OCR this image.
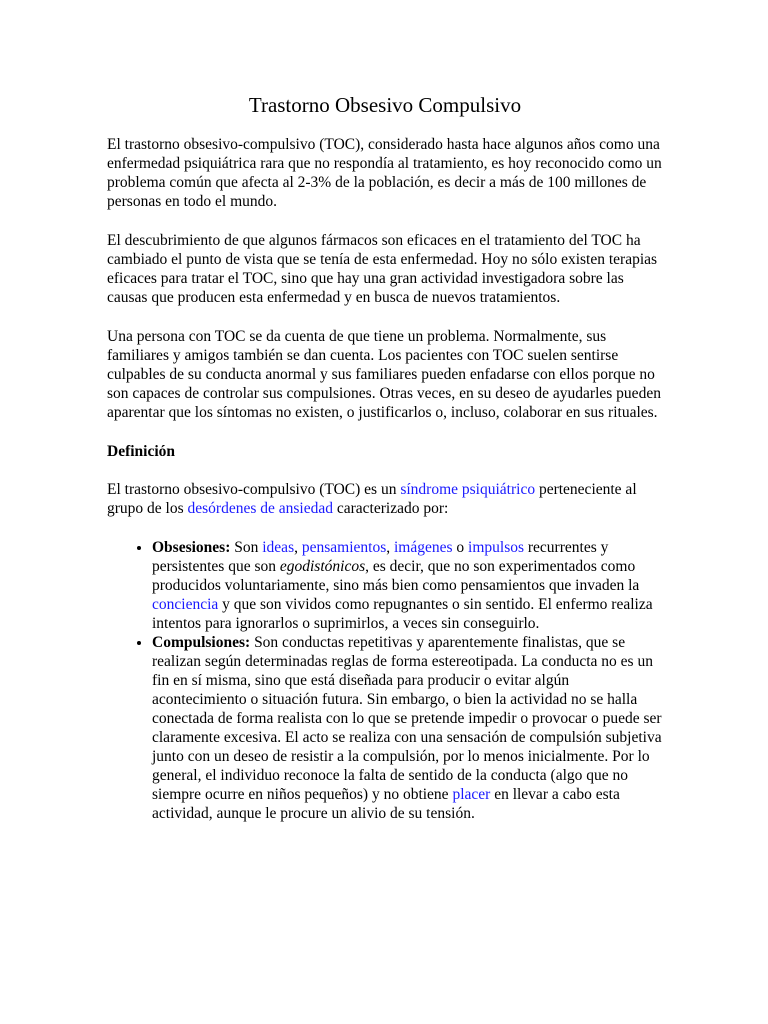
Trastorno Obsesivo Compulsivo

El trastorno obsesivo-compulsivo (TOC), considerado hasta hace algunos años como una enfermedad psiquiátrica rara que no respondía al tratamiento, es hoy reconocido como un problema común que afecta al 2-3% de la población, es decir a más de 100 millones de personas en todo el mundo.

El descubrimiento de que algunos fármacos son eficaces en el tratamiento del TOC ha cambiado el punto de vista que se tenía de esta enfermedad. Hoy no sólo existen terapias eficaces para tratar el TOC, sino que hay una gran actividad investigadora sobre las causas que producen esta enfermedad y en busca de nuevos tratamientos.

Una persona con TOC se da cuenta de que tiene un problema. Normalmente, sus familiares y amigos también se dan cuenta. Los pacientes con TOC suelen sentirse culpables de su conducta anormal y sus familiares pueden enfadarse con ellos porque no son capaces de controlar sus compulsiones. Otras veces, en su deseo de ayudarles pueden aparentar que los síntomas no existen, o justificarlos o, incluso, colaborar en sus rituales.

Definición

El trastorno obsesivo-compulsivo (TOC) es un síndrome psiquiátrico perteneciente al grupo de los desórdenes de ansiedad caracterizado por:

• Obsesiones: Son ideas, pensamientos, imágenes o impulsos recurrentes y persistentes que son egodistónicos, es decir, que no son experimentados como producidos voluntariamente, sino más bien como pensamientos que invaden la conciencia y que son vividos como repugnantes o sin sentido. El enfermo realiza intentos para ignorarlos o suprimirlos, a veces sin conseguirlo.
• Compulsiones: Son conductas repetitivas y aparentemente finalistas, que se realizan según determinadas reglas de forma estereotipada. La conducta no es un fin en sí misma, sino que está diseñada para producir o evitar algún acontecimiento o situación futura. Sin embargo, o bien la actividad no se halla conectada de forma realista con lo que se pretende impedir o provocar o puede ser claramente excesiva. El acto se realiza con una sensación de compulsión subjetiva junto con un deseo de resistir a la compulsión, por lo menos inicialmente. Por lo general, el individuo reconoce la falta de sentido de la conducta (algo que no siempre ocurre en niños pequeños) y no obtiene placer en llevar a cabo esta actividad, aunque le procure un alivio de su tensión.
